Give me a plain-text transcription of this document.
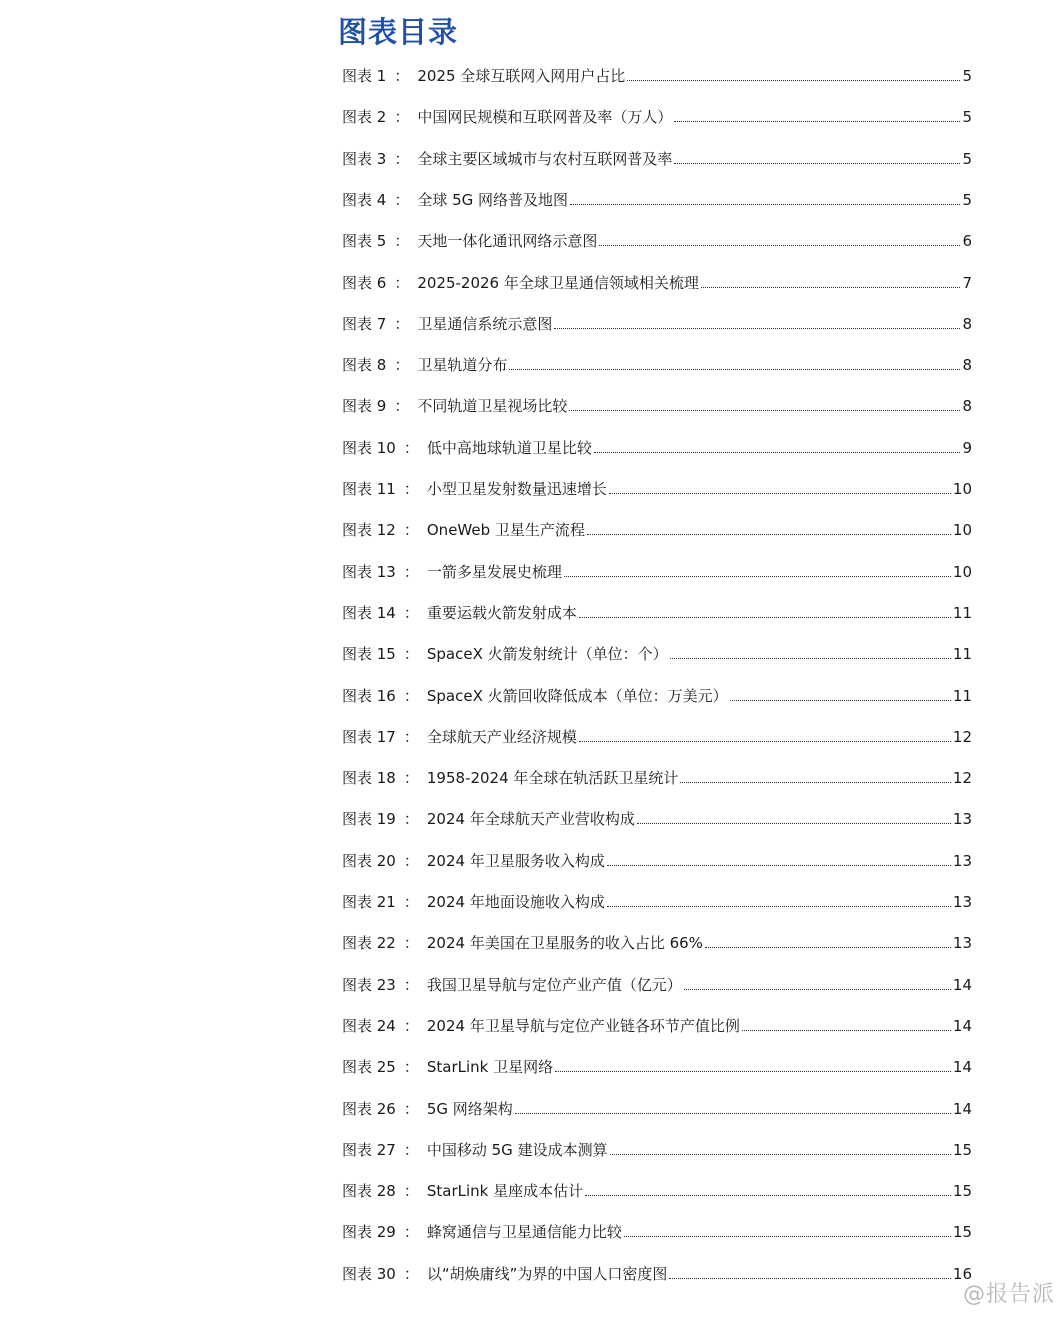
图表目录
图表 1 ： 2025 全球互联网入网用户占比	5
图表 2 ： 中国网民规模和互联网普及率（万人）	5
图表 3 ： 全球主要区域城市与农村互联网普及率	5
图表 4 ： 全球 5G 网络普及地图	5
图表 5 ： 天地一体化通讯网络示意图	6
图表 6 ： 2025-2026 年全球卫星通信领域相关梳理	7
图表 7 ： 卫星通信系统示意图	8
图表 8 ： 卫星轨道分布	8
图表 9 ： 不同轨道卫星视场比较	8
图表 10 ： 低中高地球轨道卫星比较	9
图表 11 ： 小型卫星发射数量迅速增长	10
图表 12 ： OneWeb 卫星生产流程	10
图表 13 ： 一箭多星发展史梳理	10
图表 14 ： 重要运载火箭发射成本	11
图表 15 ： SpaceX 火箭发射统计（单位：个）	11
图表 16 ： SpaceX 火箭回收降低成本（单位：万美元）	11
图表 17 ： 全球航天产业经济规模	12
图表 18 ： 1958-2024 年全球在轨活跃卫星统计	12
图表 19 ： 2024 年全球航天产业营收构成	13
图表 20 ： 2024 年卫星服务收入构成	13
图表 21 ： 2024 年地面设施收入构成	13
图表 22 ： 2024 年美国在卫星服务的收入占比 66%	13
图表 23 ： 我国卫星导航与定位产业产值（亿元）	14
图表 24 ： 2024 年卫星导航与定位产业链各环节产值比例	14
图表 25 ： StarLink 卫星网络	14
图表 26 ： 5G 网络架构	14
图表 27 ： 中国移动 5G 建设成本测算	15
图表 28 ： StarLink 星座成本估计	15
图表 29 ： 蜂窝通信与卫星通信能力比较	15
图表 30 ： 以“胡焕庸线”为界的中国人口密度图	16
@报告派
